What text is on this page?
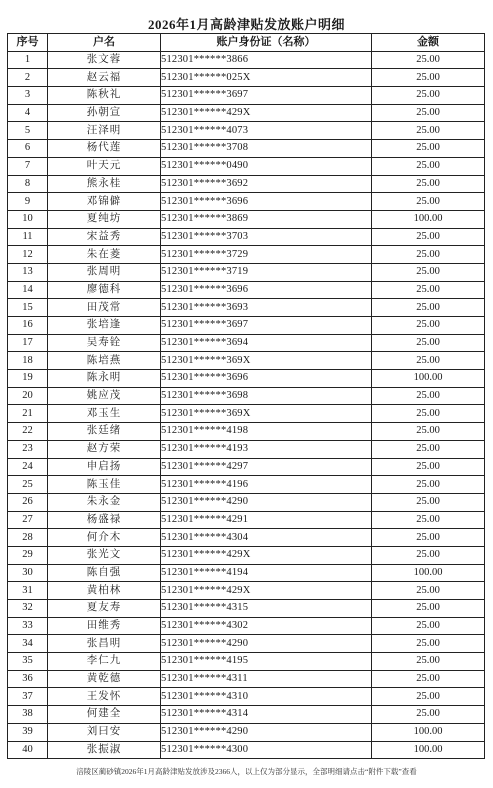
2026年1月高龄津贴发放账户明细
序号	户名	账户身份证（名称）	金额
1	张文蓉	512301******3866	25.00
2	赵云福	512301******025X	25.00
3	陈秋礼	512301******3697	25.00
4	孙朝宣	512301******429X	25.00
5	汪泽明	512301******4073	25.00
6	杨代莲	512301******3708	25.00
7	叶天元	512301******0490	25.00
8	熊永桂	512301******3692	25.00
9	邓锦僻	512301******3696	25.00
10	夏纯坊	512301******3869	100.00
11	宋益秀	512301******3703	25.00
12	朱在菱	512301******3729	25.00
13	张周明	512301******3719	25.00
14	廖德科	512301******3696	25.00
15	田茂常	512301******3693	25.00
16	张培逢	512301******3697	25.00
17	吴寿铨	512301******3694	25.00
18	陈培燕	512301******369X	25.00
19	陈永明	512301******3696	100.00
20	姚应茂	512301******3698	25.00
21	邓玉生	512301******369X	25.00
22	张廷绪	512301******4198	25.00
23	赵方荣	512301******4193	25.00
24	申启扬	512301******4297	25.00
25	陈玉佳	512301******4196	25.00
26	朱永金	512301******4290	25.00
27	杨盛禄	512301******4291	25.00
28	何介木	512301******4304	25.00
29	张光文	512301******429X	25.00
30	陈自强	512301******4194	100.00
31	黄柏林	512301******429X	25.00
32	夏友寿	512301******4315	25.00
33	田维秀	512301******4302	25.00
34	张昌明	512301******4290	25.00
35	李仁九	512301******4195	25.00
36	黄乾德	512301******4311	25.00
37	王发怀	512301******4310	25.00
38	何建全	512301******4314	25.00
39	刘曰安	512301******4290	100.00
40	张振淑	512301******4300	100.00
涪陵区蔺砂镇2026年1月高龄津贴发放涉及2366人，以上仅为部分显示，全部明细请点击“附件下载”查看
